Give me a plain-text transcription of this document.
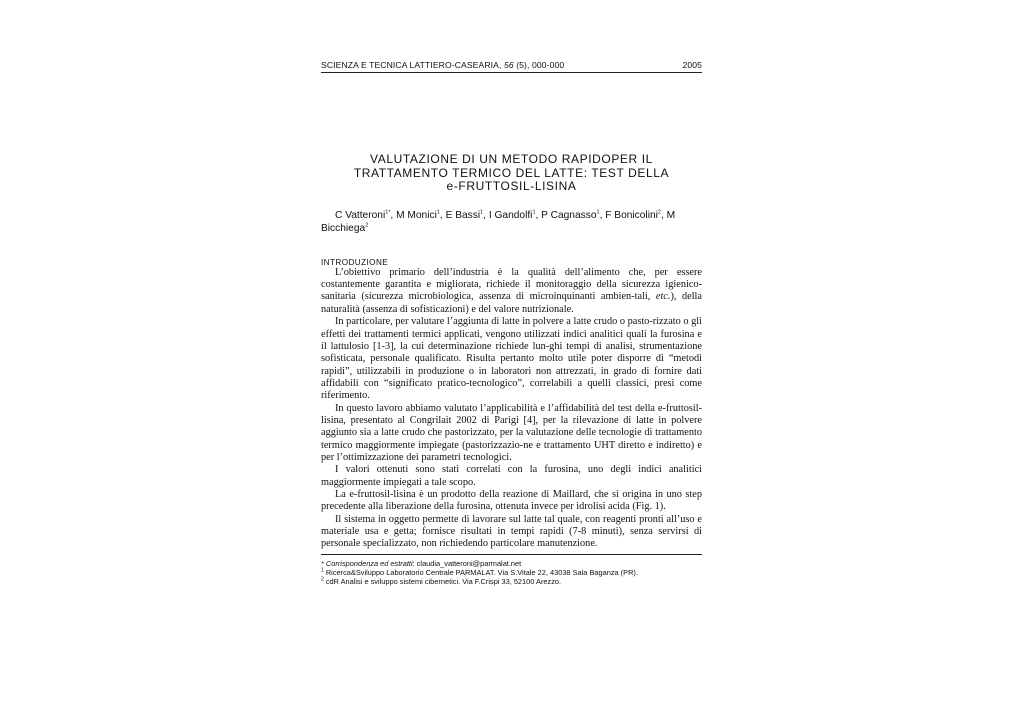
SCIENZA E TECNICA LATTIERO-CASEARIA, 56 (5), 000-000	2005
VALUTAZIONE DI UN METODO RAPIDOPER IL
TRATTAMENTO TERMICO DEL LATTE: TEST DELLA
e-FRUTTOSIL-LISINA
C Vatteroni$^{1*}$, M Monici$^1$, E Bassi$^1$, I Gandolfi$^1$, P Cagnasso$^1$, F Bonicolini$^2$, M Bicchiega$^2$
INTRODUZIONE

L’obiettivo primario dell’industria è la qualità dell’alimento che, per essere costantemente garantita e migliorata, richiede il monitoraggio della sicurezza igienico-sanitaria (sicurezza microbiologica, assenza di microinquinanti ambien-tali, etc.), della naturalità (assenza di sofisticazioni) e del valore nutrizionale.

In particolare, per valutare l’aggiunta di latte in polvere a latte crudo o pasto-rizzato o gli effetti dei trattamenti termici applicati, vengono utilizzati indici analitici quali la furosina e il lattulosio [1-3], la cui determinazione richiede lun-ghi tempi di analisi, strumentazione sofisticata, personale qualificato. Risulta pertanto molto utile poter disporre di “metodi rapidi”, utilizzabili in produzione o in laboratori non attrezzati, in grado di fornire dati affidabili con “significato pratico-tecnologico”, correlabili a quelli classici, presi come riferimento.

In questo lavoro abbiamo valutato l’applicabilità e l’affidabilità del test della e-fruttosil-lisina, presentato al Congrilait 2002 di Parigi [4], per la rilevazione di latte in polvere aggiunto sia a latte crudo che pastorizzato, per la valutazione delle tecnologie di trattamento termico maggiormente impiegate (pastorizzazio-ne e trattamento UHT diretto e indiretto) e per l’ottimizzazione dei parametri tecnologici.

I valori ottenuti sono stati correlati con la furosina, uno degli indici analitici maggiormente impiegati a tale scopo.

La e-fruttosil-lisina è un prodotto della reazione di Maillard, che si origina in uno step precedente alla liberazione della furosina, ottenuta invece per idrolisi acida (Fig. 1).

Il sistema in oggetto permette di lavorare sul latte tal quale, con reagenti pronti all’uso e materiale usa e getta; fornisce risultati in tempi rapidi (7-8 minuti), senza servirsi di personale specializzato, non richiedendo particolare manutenzione.

* Corrispondenza ed estratti: claudia_vatteroni@parmalat.net
$^1$ Ricerca&Sviluppo Laboratorio Centrale PARMALAT. Via S.Vitale 22, 43038 Sala Baganza (PR).
$^2$ cdR Analisi e sviluppo sistemi cibernetici. Via F.Crispi 33, 52100 Arezzo.
